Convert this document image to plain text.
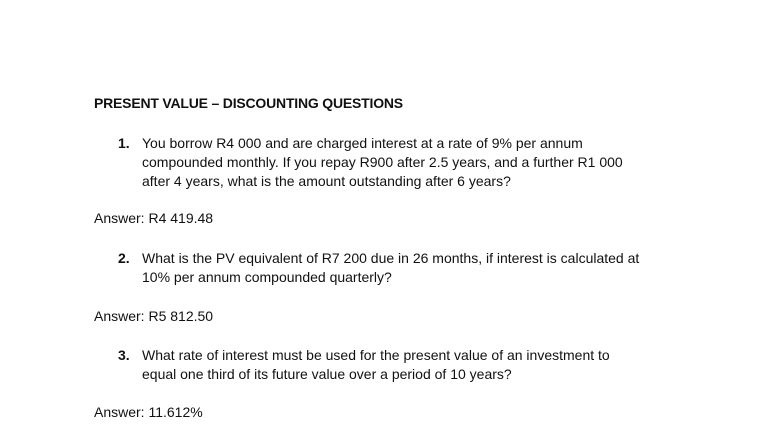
PRESENT VALUE – DISCOUNTING QUESTIONS
1. You borrow R4 000 and are charged interest at a rate of 9% per annum
compounded monthly. If you repay R900 after 2.5 years, and a further R1 000
after 4 years, what is the amount outstanding after 6 years?
Answer: R4 419.48
2. What is the PV equivalent of R7 200 due in 26 months, if interest is calculated at
10% per annum compounded quarterly?
Answer: R5 812.50
3. What rate of interest must be used for the present value of an investment to
equal one third of its future value over a period of 10 years?
Answer: 11.612%
